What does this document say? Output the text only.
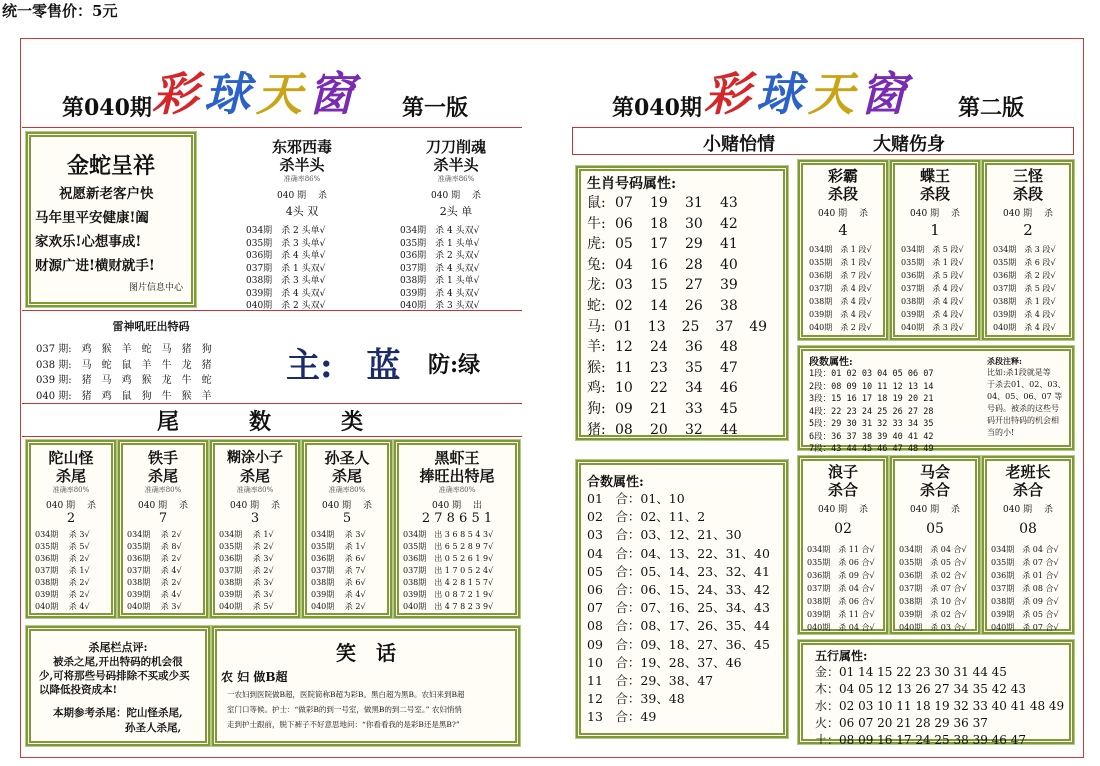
统一零售价：5元
第040期 彩球天窗 第一版	第040期 彩球天窗 第二版
金蛇呈祥
祝愿新老客户快
马年里平安健康!阖
家欢乐!心想事成!
财源广进!横财就手!
图片信息中心
东邪西毒
杀半头
准确率86%
040 期　 杀
4头 双
034期　杀 2 头单√
035期　杀 3 头单√
036期　杀 4 头单√
037期　杀 1 头双√
038期　杀 3 头单√
039期　杀 4 头双√
040期　杀 2 头双√
刀刀削魂
杀半头
准确率86%
040 期　 杀
2头 单
034期　杀 4 头双√
035期　杀 1 头单√
036期　杀 2 头双√
037期　杀 4 头双√
038期　杀 1 头单√
039期　杀 4 头双√
040期　杀 3 头双√
雷神吼旺出特码
037 期:　鸡　猴　羊　蛇　马　猪　狗
038 期:　马　蛇　鼠　羊　牛　龙　猪
039 期:　猪　马　鸡　猴　龙　牛　蛇
040 期:　猪　鸡　鼠　狗　牛　猴　羊
主:　蓝 防:绿
尾　数　类
陀山怪
杀尾
准确率80%
040 期　 杀
2
034期　 杀 3√
035期　 杀 5√
036期　 杀 2√
037期　 杀 1√
038期　 杀 2√
039期　 杀 2√
040期　 杀 4√
铁手
杀尾
准确率80%
040 期　 杀
7
034期　 杀 2√
035期　 杀 8√
036期　 杀 2√
037期　 杀 4√
038期　 杀 2√
039期　 杀 4√
040期　 杀 3√
糊涂小子
杀尾
准确率80%
040 期　 杀
3
034期　 杀 1√
035期　 杀 2√
036期　 杀 3√
037期　 杀 2√
038期　 杀 3√
039期　 杀 3√
040期　 杀 5√
孙圣人
杀尾
准确率80%
040 期　 杀
5
034期　 杀 3√
035期　 杀 1√
036期　 杀 6√
037期　 杀 7√
038期　 杀 6√
039期　 杀 4√
040期　 杀 2√
黑虾王
捧旺出特尾
准确率80%
040 期　 出
2 7 8 6 5 1
034期　出 3 6 8 5 4 3√
035期　出 6 5 2 8 9 7√
036期　出 0 5 2 6 1 9√
037期　出 1 7 0 5 2 4√
038期　出 4 2 8 1 5 7√
039期　出 0 8 7 2 1 9√
040期　出 4 7 8 2 3 9√
杀尾栏点评:
被杀之尾,开出特码的机会很
少,可将那些号码排除不买或少买
以降低投资成本!
本期参考杀尾：陀山怪杀尾,
孙圣人杀尾,
笑　话
农 妇 做B超
一农妇到医院做B超，医院简称B超为彩B。黑白超为黑B。农妇来到B超
室门口等候。护士：“做彩B的到一号室，做黑B的到二号室。” 农妇悄悄
走到护士跟前，脱下裤子不好意思地问：“你看看我的是彩B还是黑B?”
小赌怡情	大赌伤身
生肖号码属性:
鼠: 07	19	31	43
牛: 06	18	30	42
虎: 05	17	29	41
兔: 04	16	28	40
龙: 03	15	27	39
蛇: 02	14	26	38
马: 01	13	25	37	49
羊: 12	24	36	48
猴: 11	23	35	47
鸡: 10	22	34	46
狗: 09	21	33	45
猪: 08	20	32	44
彩霸
杀段
040 期　 杀
4
034期　杀 1 段√
035期　杀 1 段√
036期　杀 7 段√
037期　杀 4 段√
038期　杀 4 段√
039期　杀 4 段√
040期　杀 2 段√
蝶王
杀段
040 期　 杀
1
034期　杀 5 段√
035期　杀 1 段√
036期　杀 5 段√
037期　杀 4 段√
038期　杀 4 段√
039期　杀 4 段√
040期　杀 3 段√
三怪
杀段
040 期　 杀
2
034期　杀 3 段√
035期　杀 6 段√
036期　杀 2 段√
037期　杀 5 段√
038期　杀 1 段√
039期　杀 4 段√
040期　杀 4 段√
段数属性:
1段：01 02 03 04 05 06 07
2段：08 09 10 11 12 13 14
3段：15 16 17 18 19 20 21
4段：22 23 24 25 26 27 28
5段：29 30 31 32 33 34 35
6段：36 37 38 39 40 41 42
7段：43 44 45 46 47 48 49
杀段注释:
比如:杀1段就是等
于杀去01、02、03、
04、05、06、07 等
号码。被杀的这些号
码开出特码的机会相
当的小!
合数属性:
01　合：01、10
02　合：02、11、2
03　合：03、12、21、30
04　合：04、13、22、31、40
05　合：05、14、23、32、41
06　合：06、15、24、33、42
07　合：07、16、25、34、43
08　合：08、17、26、35、44
09　合：09、18、27、36、45
10　合：19、28、37、46
11　合：29、38、47
12　合：39、48
13　合：49
浪子
杀合
040 期　 杀
02
034期　杀 11 合√
035期　杀 06 合√
036期　杀 09 合√
037期　杀 04 合√
038期　杀 06 合√
039期　杀 11 合√
040期　杀 04 合√
马会
杀合
040 期　 杀
05
034期　杀 04 合√
035期　杀 05 合√
036期　杀 02 合√
037期　杀 07 合√
038期　杀 10 合√
039期　杀 02 合√
040期　杀 03 合√
老班长
杀合
040 期　 杀
08
034期　杀 04 合√
035期　杀 07 合√
036期　杀 01 合√
037期　杀 08 合√
038期　杀 09 合√
039期　杀 05 合√
040期　杀 07 合√
五行属性:
金：01 14 15 22 23 30 31 44 45
木：04 05 12 13 26 27 34 35 42 43
水：02 03 10 11 18 19 32 33 40 41 48 49
火：06 07 20 21 28 29 36 37
土：08 09 16 17 24 25 38 39 46 47
